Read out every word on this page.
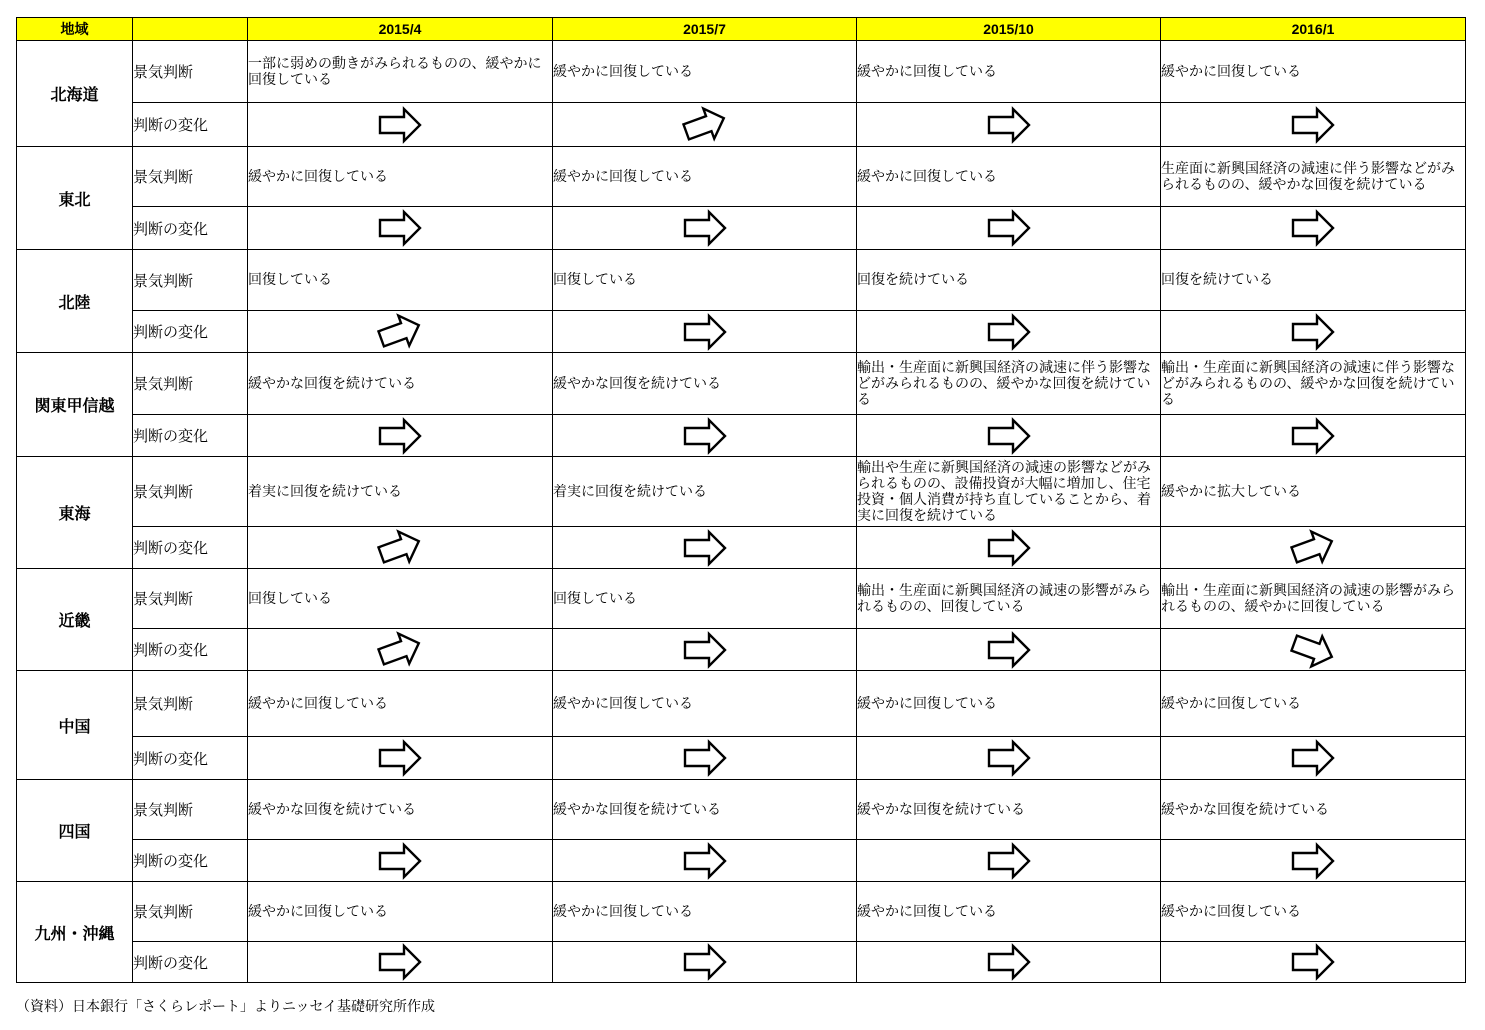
地域		2015/4	2015/7	2015/10	2016/1
北海道	景気判断	一部に弱めの動きがみられるものの、緩やかに回復している	緩やかに回復している	緩やかに回復している	緩やかに回復している
	判断の変化	

東北	景気判断	緩やかに回復している	緩やかに回復している	緩やかに回復している	生産面に新興国経済の減速に伴う影響などがみられるものの、緩やかな回復を続けている
	判断の変化	

北陸	景気判断	回復している	回復している	回復を続けている	回復を続けている
	判断の変化	

関東甲信越	景気判断	緩やかな回復を続けている	緩やかな回復を続けている	輸出・生産面に新興国経済の減速に伴う影響などがみられるものの、緩やかな回復を続けている	輸出・生産面に新興国経済の減速に伴う影響などがみられるものの、緩やかな回復を続けている
	判断の変化	

東海	景気判断	着実に回復を続けている	着実に回復を続けている	輸出や生産に新興国経済の減速の影響などがみられるものの、設備投資が大幅に増加し、住宅投資・個人消費が持ち直していることから、着実に回復を続けている	緩やかに拡大している
	判断の変化	

近畿	景気判断	回復している	回復している	輸出・生産面に新興国経済の減速の影響がみられるものの、回復している	輸出・生産面に新興国経済の減速の影響がみられるものの、緩やかに回復している
	判断の変化	

中国	景気判断	緩やかに回復している	緩やかに回復している	緩やかに回復している	緩やかに回復している
	判断の変化	

四国	景気判断	緩やかな回復を続けている	緩やかな回復を続けている	緩やかな回復を続けている	緩やかな回復を続けている
	判断の変化	

九州・沖縄	景気判断	緩やかに回復している	緩やかに回復している	緩やかに回復している	緩やかに回復している
	判断の変化	

（資料）日本銀行「さくらレポート」よりニッセイ基礎研究所作成
